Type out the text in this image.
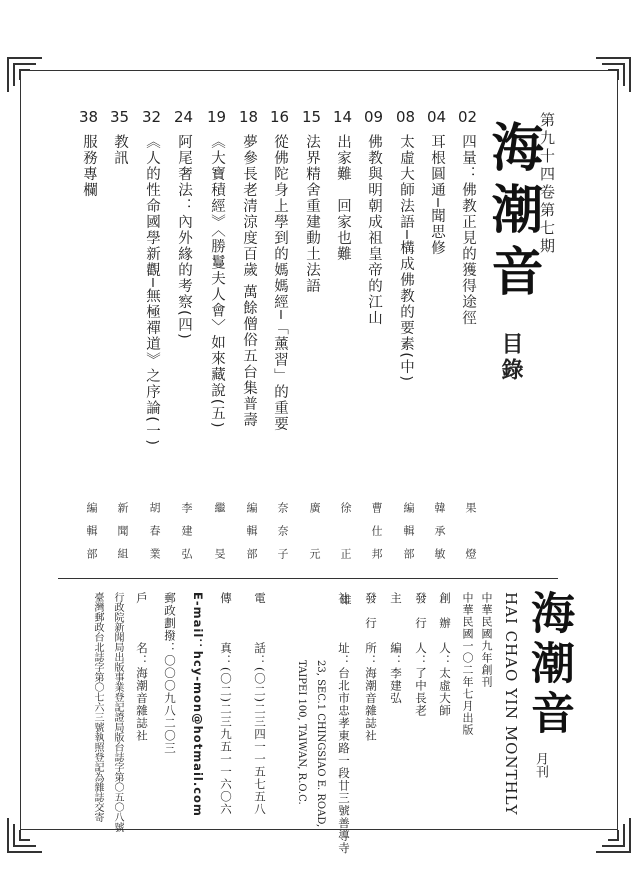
第九十四卷第七期
海潮音
目錄
02
四量：佛教正見的獲得途徑
果　燈
04
耳根圓通─聞思修
韓承敏
08
太虛大師法語─構成佛教的要素(中)
編輯部
09
佛教與明朝成祖皇帝的江山
曹仕邦
14
出家難　回家也難
徐　正　雄
15
法界精舍重建動土法語
廣　元
16
從佛陀身上學到的媽媽經─「薰習」的重要
奈奈子
18
夢參長老清涼度百歲 萬餘僧俗五台集普壽
編輯部
19
《大寶積經》〈勝鬘夫人會〉如來藏說(五)
繼　旻
24
阿尾奢法：內外緣的考察(四)
李建弘
32
《人的性命國學新觀─無極禪道》之序論(一)
胡春業
35
教訊
新聞組
38
服務專欄
編輯部
海潮音
HAI CHAO YIN MONTHLY 月刊
中華民國九年創刊
中華民國一〇二年七月出版
創　辦　人：太虛大師
發　行　人：了中長老
主　　　編：李建弘
發　行　所：海潮音雜誌社
社　　　址：台北市忠孝東路一段廿三號善導寺
23, SEC.1 CHINGSIAO E. ROAD,
TAIPEI 100, TAIWAN, R.O.C.
電　　　話：(〇二)二三四一一五七五八
傳　　　真：(〇二)二三九五一一六〇六
E-mail：hcy-mon@hotmail.com
郵政劃撥：〇〇〇九八二〇三
戶　　　名：海潮音雜誌社
行政院新聞局出版事業登記證局版台誌字第〇五〇八號
臺灣郵政台北誌字第〇七六三號執照登記為雜誌交寄
